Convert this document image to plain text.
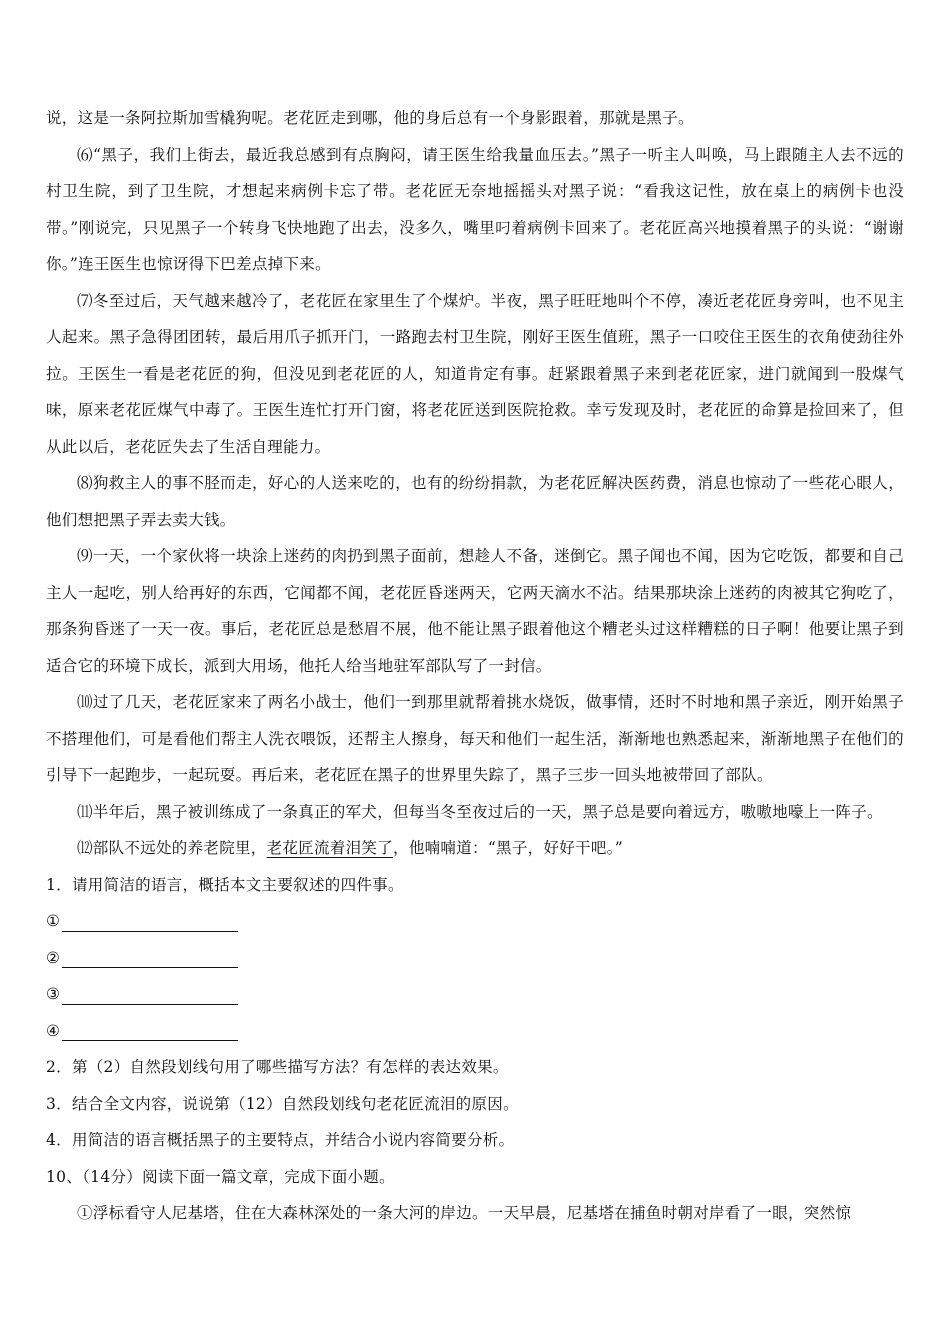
说，这是一条阿拉斯加雪橇狗呢。老花匠走到哪，他的身后总有一个身影跟着，那就是黑子。

⑹“黑子，我们上街去，最近我总感到有点胸闷，请王医生给我量血压去。”黑子一听主人叫唤，马上跟随主人去不远的村卫生院，到了卫生院，才想起来病例卡忘了带。老花匠无奈地摇摇头对黑子说：“看我这记性，放在桌上的病例卡也没带。”刚说完，只见黑子一个转身飞快地跑了出去，没多久，嘴里叼着病例卡回来了。老花匠高兴地摸着黑子的头说：“谢谢你。”连王医生也惊讶得下巴差点掉下来。

⑺冬至过后，天气越来越冷了，老花匠在家里生了个煤炉。半夜，黑子旺旺地叫个不停，凑近老花匠身旁叫，也不见主人起来。黑子急得团团转，最后用爪子抓开门，一路跑去村卫生院，刚好王医生值班，黑子一口咬住王医生的衣角使劲往外拉。王医生一看是老花匠的狗，但没见到老花匠的人，知道肯定有事。赶紧跟着黑子来到老花匠家，进门就闻到一股煤气味，原来老花匠煤气中毒了。王医生连忙打开门窗，将老花匠送到医院抢救。幸亏发现及时，老花匠的命算是捡回来了，但从此以后，老花匠失去了生活自理能力。

⑻狗救主人的事不胫而走，好心的人送来吃的，也有的纷纷捐款，为老花匠解决医药费，消息也惊动了一些花心眼人，他们想把黑子弄去卖大钱。

⑼一天，一个家伙将一块涂上迷药的肉扔到黑子面前，想趁人不备，迷倒它。黑子闻也不闻，因为它吃饭，都要和自己主人一起吃，别人给再好的东西，它闻都不闻，老花匠昏迷两天，它两天滴水不沾。结果那块涂上迷药的肉被其它狗吃了，那条狗昏迷了一天一夜。事后，老花匠总是愁眉不展，他不能让黑子跟着他这个糟老头过这样糟糕的日子啊！他要让黑子到适合它的环境下成长，派到大用场，他托人给当地驻军部队写了一封信。

⑽过了几天，老花匠家来了两名小战士，他们一到那里就帮着挑水烧饭，做事情，还时不时地和黑子亲近，刚开始黑子不搭理他们，可是看他们帮主人洗衣喂饭，还帮主人擦身，每天和他们一起生活，渐渐地也熟悉起来，渐渐地黑子在他们的引导下一起跑步，一起玩耍。再后来，老花匠在黑子的世界里失踪了，黑子三步一回头地被带回了部队。

⑾半年后，黑子被训练成了一条真正的军犬，但每当冬至夜过后的一天，黑子总是要向着远方，嗷嗷地嚎上一阵子。

⑿部队不远处的养老院里，老花匠流着泪笑了，他喃喃道：“黑子，好好干吧。”

1．请用简洁的语言，概括本文主要叙述的四件事。

①

②

③

④

2．第（2）自然段划线句用了哪些描写方法？有怎样的表达效果。

3．结合全文内容，说说第（12）自然段划线句老花匠流泪的原因。

4．用简洁的语言概括黑子的主要特点，并结合小说内容简要分析。

10、（14分）阅读下面一篇文章，完成下面小题。

①浮标看守人尼基塔，住在大森林深处的一条大河的岸边。一天早晨，尼基塔在捕鱼时朝对岸看了一眼，突然惊
